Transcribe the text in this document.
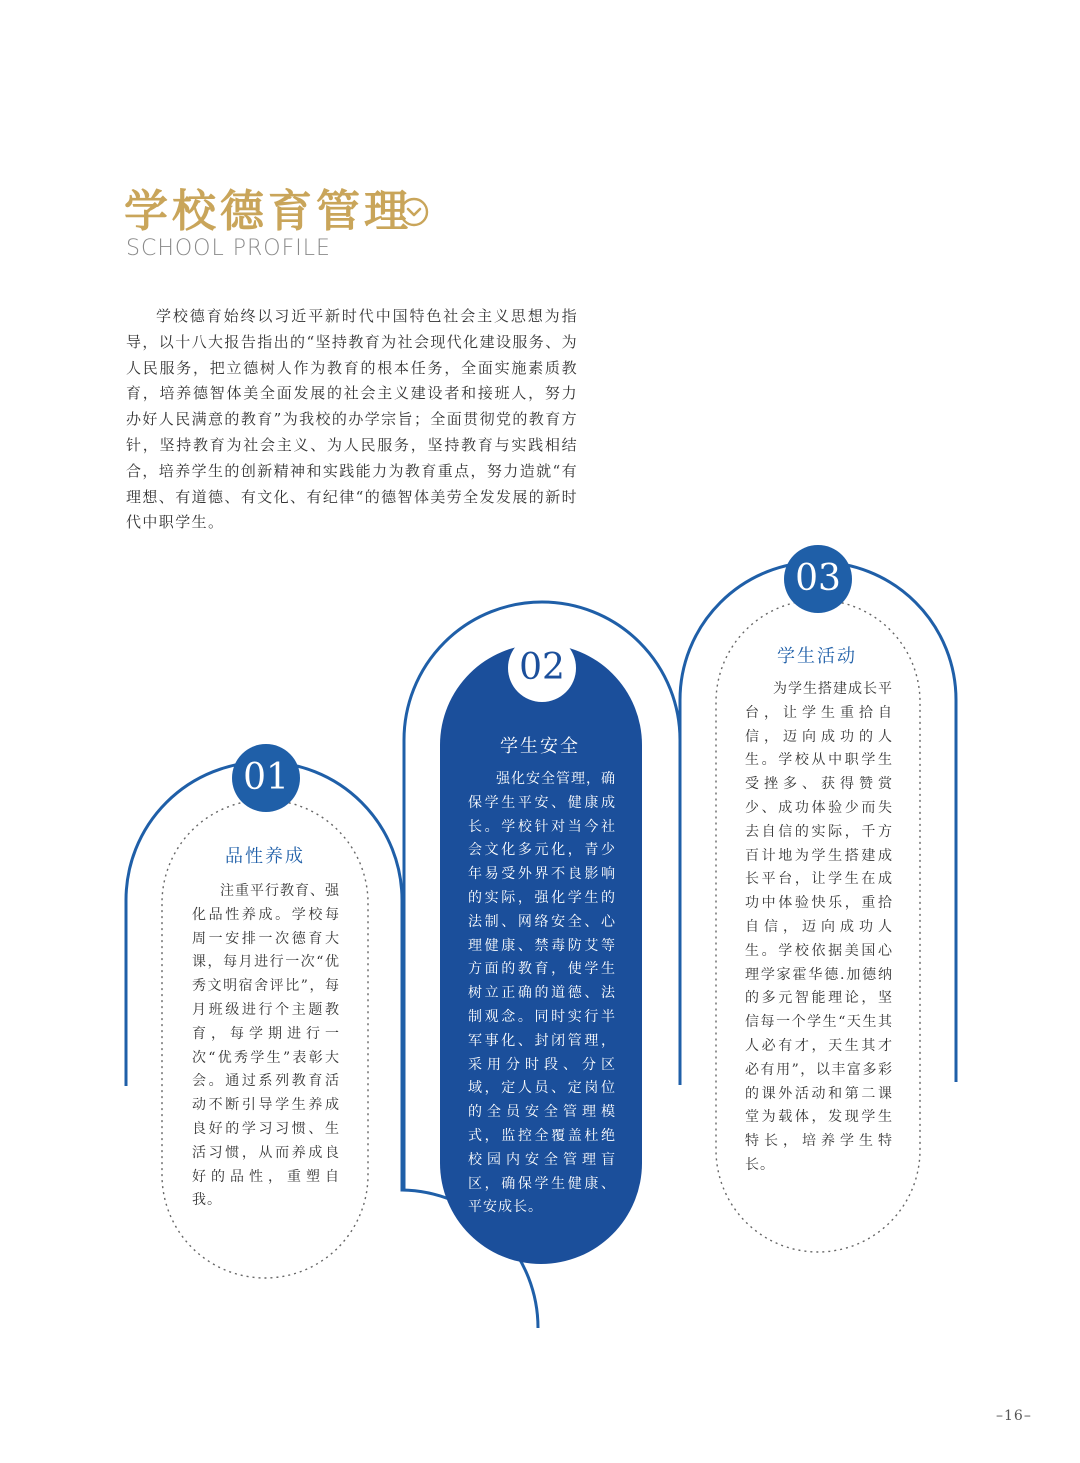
学校德育管理
SCHOOL PROFILE

学校德育始终以习近平新时代中国特色社会主义思想为指导，以十八大报告指出的“坚持教育为社会现代化建设服务、为人民服务，把立德树人作为教育的根本任务，全面实施素质教育，培养德智体美全面发展的社会主义建设者和接班人，努力办好人民满意的教育”为我校的办学宗旨；全面贯彻党的教育方针，坚持教育为社会主义、为人民服务，坚持教育与实践相结合，培养学生的创新精神和实践能力为教育重点，努力造就“有理想、有道德、有文化、有纪律“的德智体美劳全发发展的新时代中职学生。

01
02
03
品性养成

注重平行教育、强化品性养成。学校每周一安排一次德育大课，每月进行一次“优秀文明宿舍评比”，每月班级进行个主题教育，每学期进行一次“优秀学生”表彰大会。通过系列教育活动不断引导学生养成良好的学习习惯、生活习惯，从而养成良好的品性，重塑自我。

学生安全

强化安全管理，确保学生平安、健康成长。学校针对当今社会文化多元化，青少年易受外界不良影响的实际，强化学生的法制、网络安全、心理健康、禁毒防艾等方面的教育，使学生树立正确的道德、法制观念。同时实行半军事化、封闭管理，采用分时段、分区域，定人员、定岗位的全员安全管理模式，监控全覆盖杜绝校园内安全管理盲区，确保学生健康、平安成长。

学生活动

为学生搭建成长平台，让学生重拾自信，迈向成功的人生。学校从中职学生受挫多、获得赞赏少、成功体验少而失去自信的实际，千方百计地为学生搭建成长平台，让学生在成功中体验快乐，重拾自信，迈向成功人生。学校依据美国心理学家霍华德.加德纳的多元智能理论，坚信每一个学生“天生其人必有才，天生其才必有用”，以丰富多彩的课外活动和第二课堂为载体，发现学生特长，培养学生特长。

–16–
